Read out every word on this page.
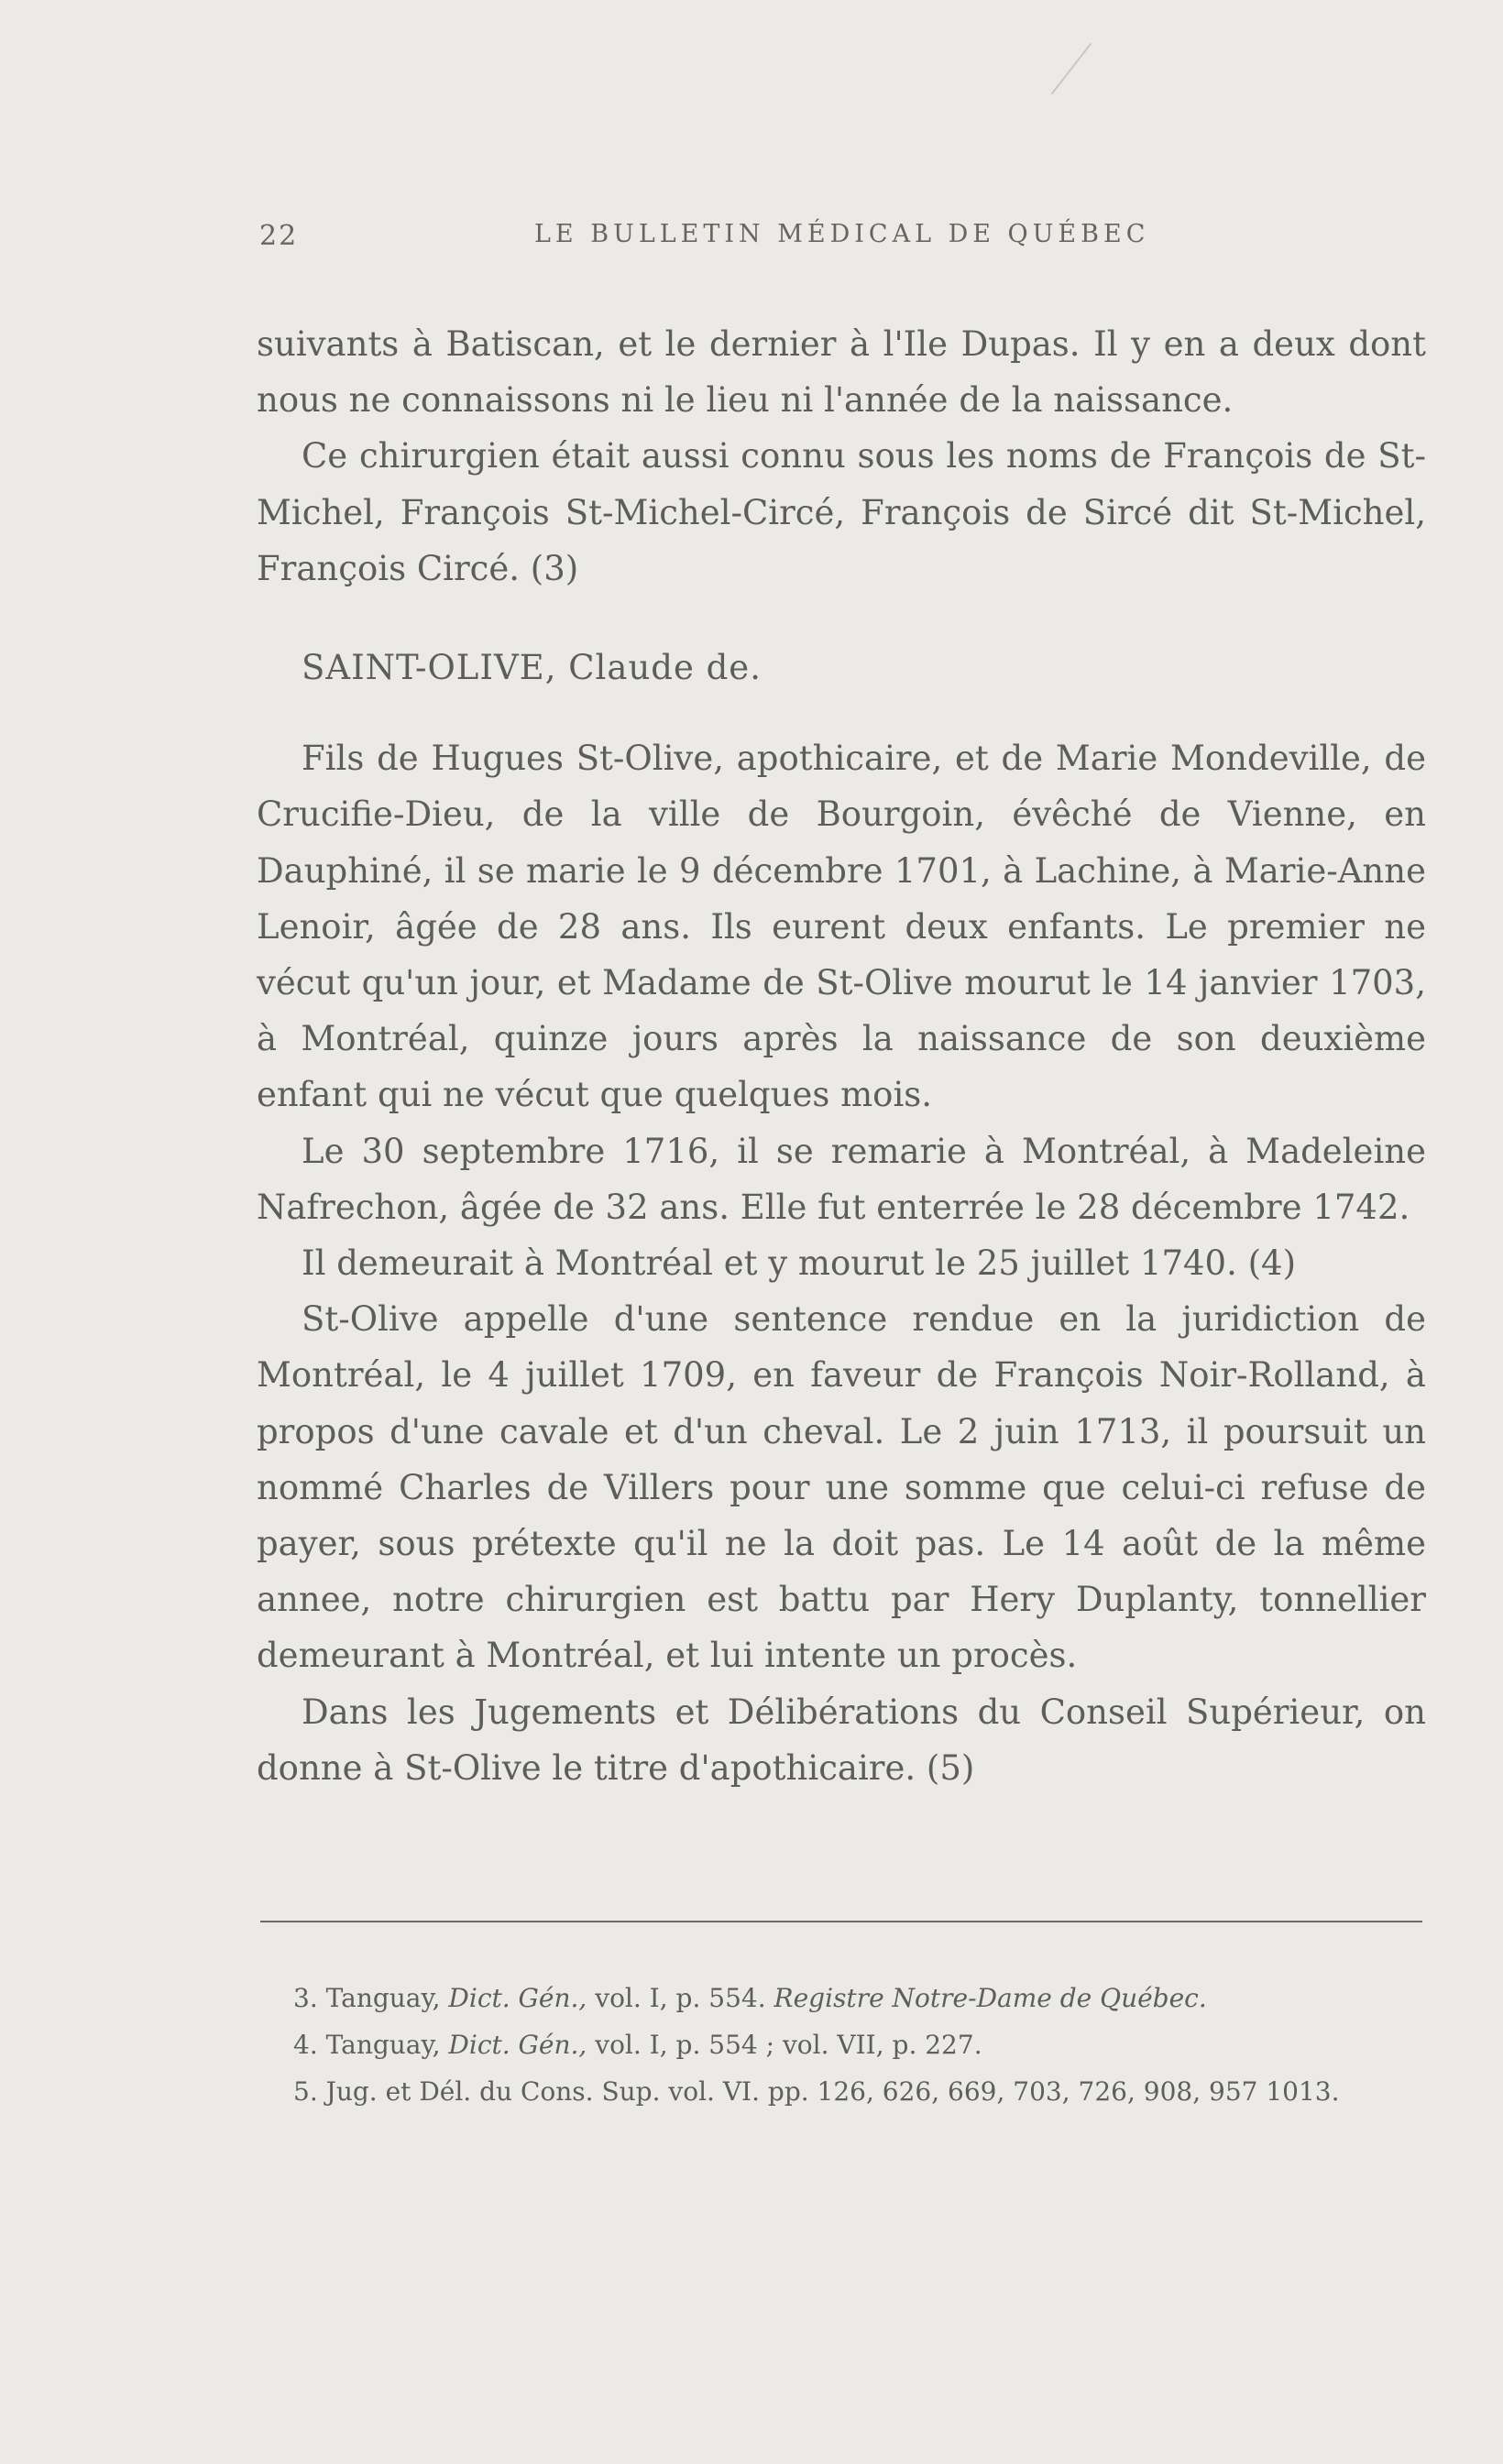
22	LE BULLETIN MÉDICAL DE QUÉBEC

suivants à Batiscan, et le dernier à l'Ile Dupas. Il y en a deux dont nous ne connaissons ni le lieu ni l'année de la naissance.

Ce chirurgien était aussi connu sous les noms de François de St-Michel, François St-Michel-Circé, François de Sircé dit St-Michel, François Circé. (3)

SAINT-OLIVE, Claude de.

Fils de Hugues St-Olive, apothicaire, et de Marie Mondeville, de Crucifie-Dieu, de la ville de Bourgoin, évêché de Vienne, en Dauphiné, il se marie le 9 décembre 1701, à Lachine, à Marie-Anne Lenoir, âgée de 28 ans. Ils eurent deux enfants. Le premier ne vécut qu'un jour, et Madame de St-Olive mourut le 14 janvier 1703, à Montréal, quinze jours après la naissance de son deuxième enfant qui ne vécut que quelques mois.

Le 30 septembre 1716, il se remarie à Montréal, à Madeleine Nafrechon, âgée de 32 ans. Elle fut enterrée le 28 décembre 1742.

Il demeurait à Montréal et y mourut le 25 juillet 1740. (4)

St-Olive appelle d'une sentence rendue en la juridiction de Montréal, le 4 juillet 1709, en faveur de François Noir-Rolland, à propos d'une cavale et d'un cheval. Le 2 juin 1713, il poursuit un nommé Charles de Villers pour une somme que celui-ci refuse de payer, sous prétexte qu'il ne la doit pas. Le 14 août de la même annee, notre chirurgien est battu par Hery Duplanty, tonnellier demeurant à Montréal, et lui intente un procès.

Dans les Jugements et Délibérations du Conseil Supérieur, on donne à St-Olive le titre d'apothicaire. (5)

3. Tanguay, Dict. Gén., vol. I, p. 554. Registre Notre-Dame de Québec.

4. Tanguay, Dict. Gén., vol. I, p. 554 ; vol. VII, p. 227.

5. Jug. et Dél. du Cons. Sup. vol. VI. pp. 126, 626, 669, 703, 726, 908, 957 1013.
